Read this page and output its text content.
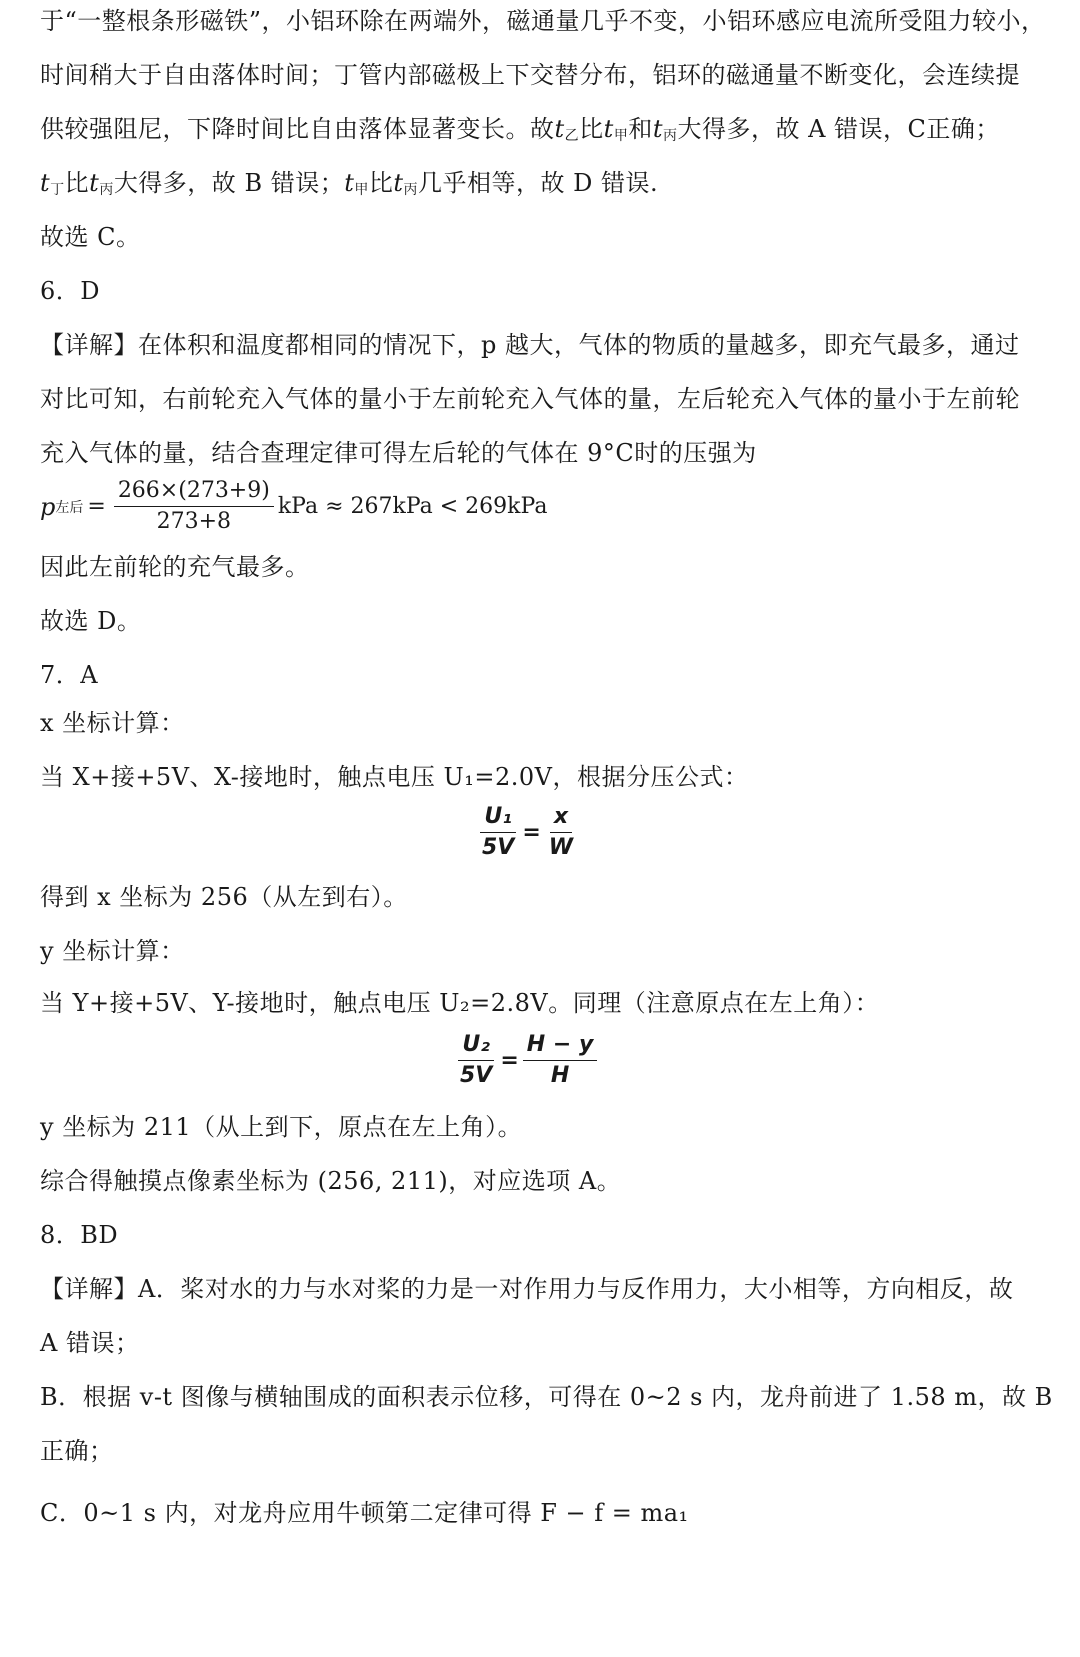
于“一整根条形磁铁”，小铝环除在两端外，磁通量几乎不变，小铝环感应电流所受阻力较小，
时间稍大于自由落体时间；丁管内部磁极上下交替分布，铝环的磁通量不断变化，会连续提
供较强阻尼，下降时间比自由落体显著变长。故$t_乙$比$t_甲$和$t_丙$大得多，故 A 错误，C正确；
$t_丁$比$t_丙$大得多，故 B 错误；$t_甲$比$t_丙$几乎相等，故 D 错误.
故选 C。
6．D
【详解】在体积和温度都相同的情况下，p 越大，气体的物质的量越多，即充气最多，通过
对比可知，右前轮充入气体的量小于左前轮充入气体的量，左后轮充入气体的量小于左前轮
充入气体的量，结合查理定律可得左后轮的气体在 9°C时的压强为
p 左后 = $\frac{266\times(273+9)}{273+8}$ kPa ≈ 267kPa < 269kPa
因此左前轮的充气最多。
故选 D。
7．A
x 坐标计算：
当 X+接+5V、X-接地时，触点电压 U₁=2.0V，根据分压公式：
$\frac{\text{U₁}}{5V} = \frac{x}{W}$
得到 x 坐标为 256（从左到右）。
y 坐标计算：
当 Y+接+5V、Y-接地时，触点电压 U₂=2.8V。同理（注意原点在左上角）：
$\frac{\text{U₂}}{5V} = \frac{H - y}{H}$
y 坐标为 211（从上到下，原点在左上角）。
综合得触摸点像素坐标为 (256, 211)，对应选项 A。
8．BD
【详解】A．桨对水的力与水对桨的力是一对作用力与反作用力，大小相等，方向相反，故
A 错误；
B．根据 v-t 图像与横轴围成的面积表示位移，可得在 0~2 s 内，龙舟前进了 1.58 m，故 B
正确；
C．0~1 s 内，对龙舟应用牛顿第二定律可得 F − f = ma₁
